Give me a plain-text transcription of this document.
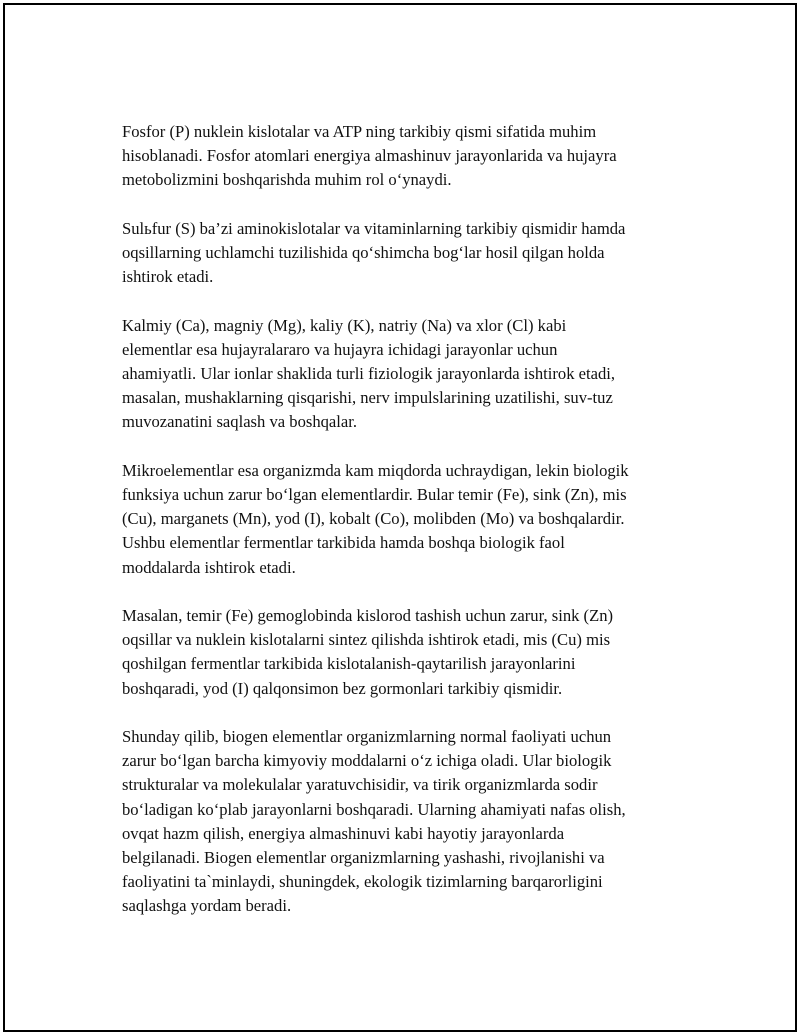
Fosfor (P) nuklein kislotalar va ATP ning tarkibiy qismi sifatida muhim
hisoblanadi. Fosfor atomlari energiya almashinuv jarayonlarida va hujayra
metobolizmini boshqarishda muhim rol o‘ynaydi.

Sulьfur (S) ba’zi aminokislotalar va vitaminlarning tarkibiy qismidir hamda
oqsillarning uchlamchi tuzilishida qo‘shimcha bog‘lar hosil qilgan holda
ishtirok etadi.

Kalmiy (Ca), magniy (Mg), kaliy (K), natriy (Na) va xlor (Cl) kabi
elementlar esa hujayralararo va hujayra ichidagi jarayonlar uchun
ahamiyatli. Ular ionlar shaklida turli fiziologik jarayonlarda ishtirok etadi,
masalan, mushaklarning qisqarishi, nerv impulslarining uzatilishi, suv-tuz
muvozanatini saqlash va boshqalar.

Mikroelementlar esa organizmda kam miqdorda uchraydigan, lekin biologik
funksiya uchun zarur bo‘lgan elementlardir. Bular temir (Fe), sink (Zn), mis
(Cu), marganets (Mn), yod (I), kobalt (Co), molibden (Mo) va boshqalardir.
Ushbu elementlar fermentlar tarkibida hamda boshqa biologik faol
moddalarda ishtirok etadi.

Masalan, temir (Fe) gemoglobinda kislorod tashish uchun zarur, sink (Zn)
oqsillar va nuklein kislotalarni sintez qilishda ishtirok etadi, mis (Cu) mis
qoshilgan fermentlar tarkibida kislotalanish-qaytarilish jarayonlarini
boshqaradi, yod (I) qalqonsimon bez gormonlari tarkibiy qismidir.

Shunday qilib, biogen elementlar organizmlarning normal faoliyati uchun
zarur bo‘lgan barcha kimyoviy moddalarni o‘z ichiga oladi. Ular biologik
strukturalar va molekulalar yaratuvchisidir, va tirik organizmlarda sodir
bo‘ladigan ko‘plab jarayonlarni boshqaradi. Ularning ahamiyati nafas olish,
ovqat hazm qilish, energiya almashinuvi kabi hayotiy jarayonlarda
belgilanadi. Biogen elementlar organizmlarning yashashi, rivojlanishi va
faoliyatini ta`minlaydi, shuningdek, ekologik tizimlarning barqarorligini
saqlashga yordam beradi.
